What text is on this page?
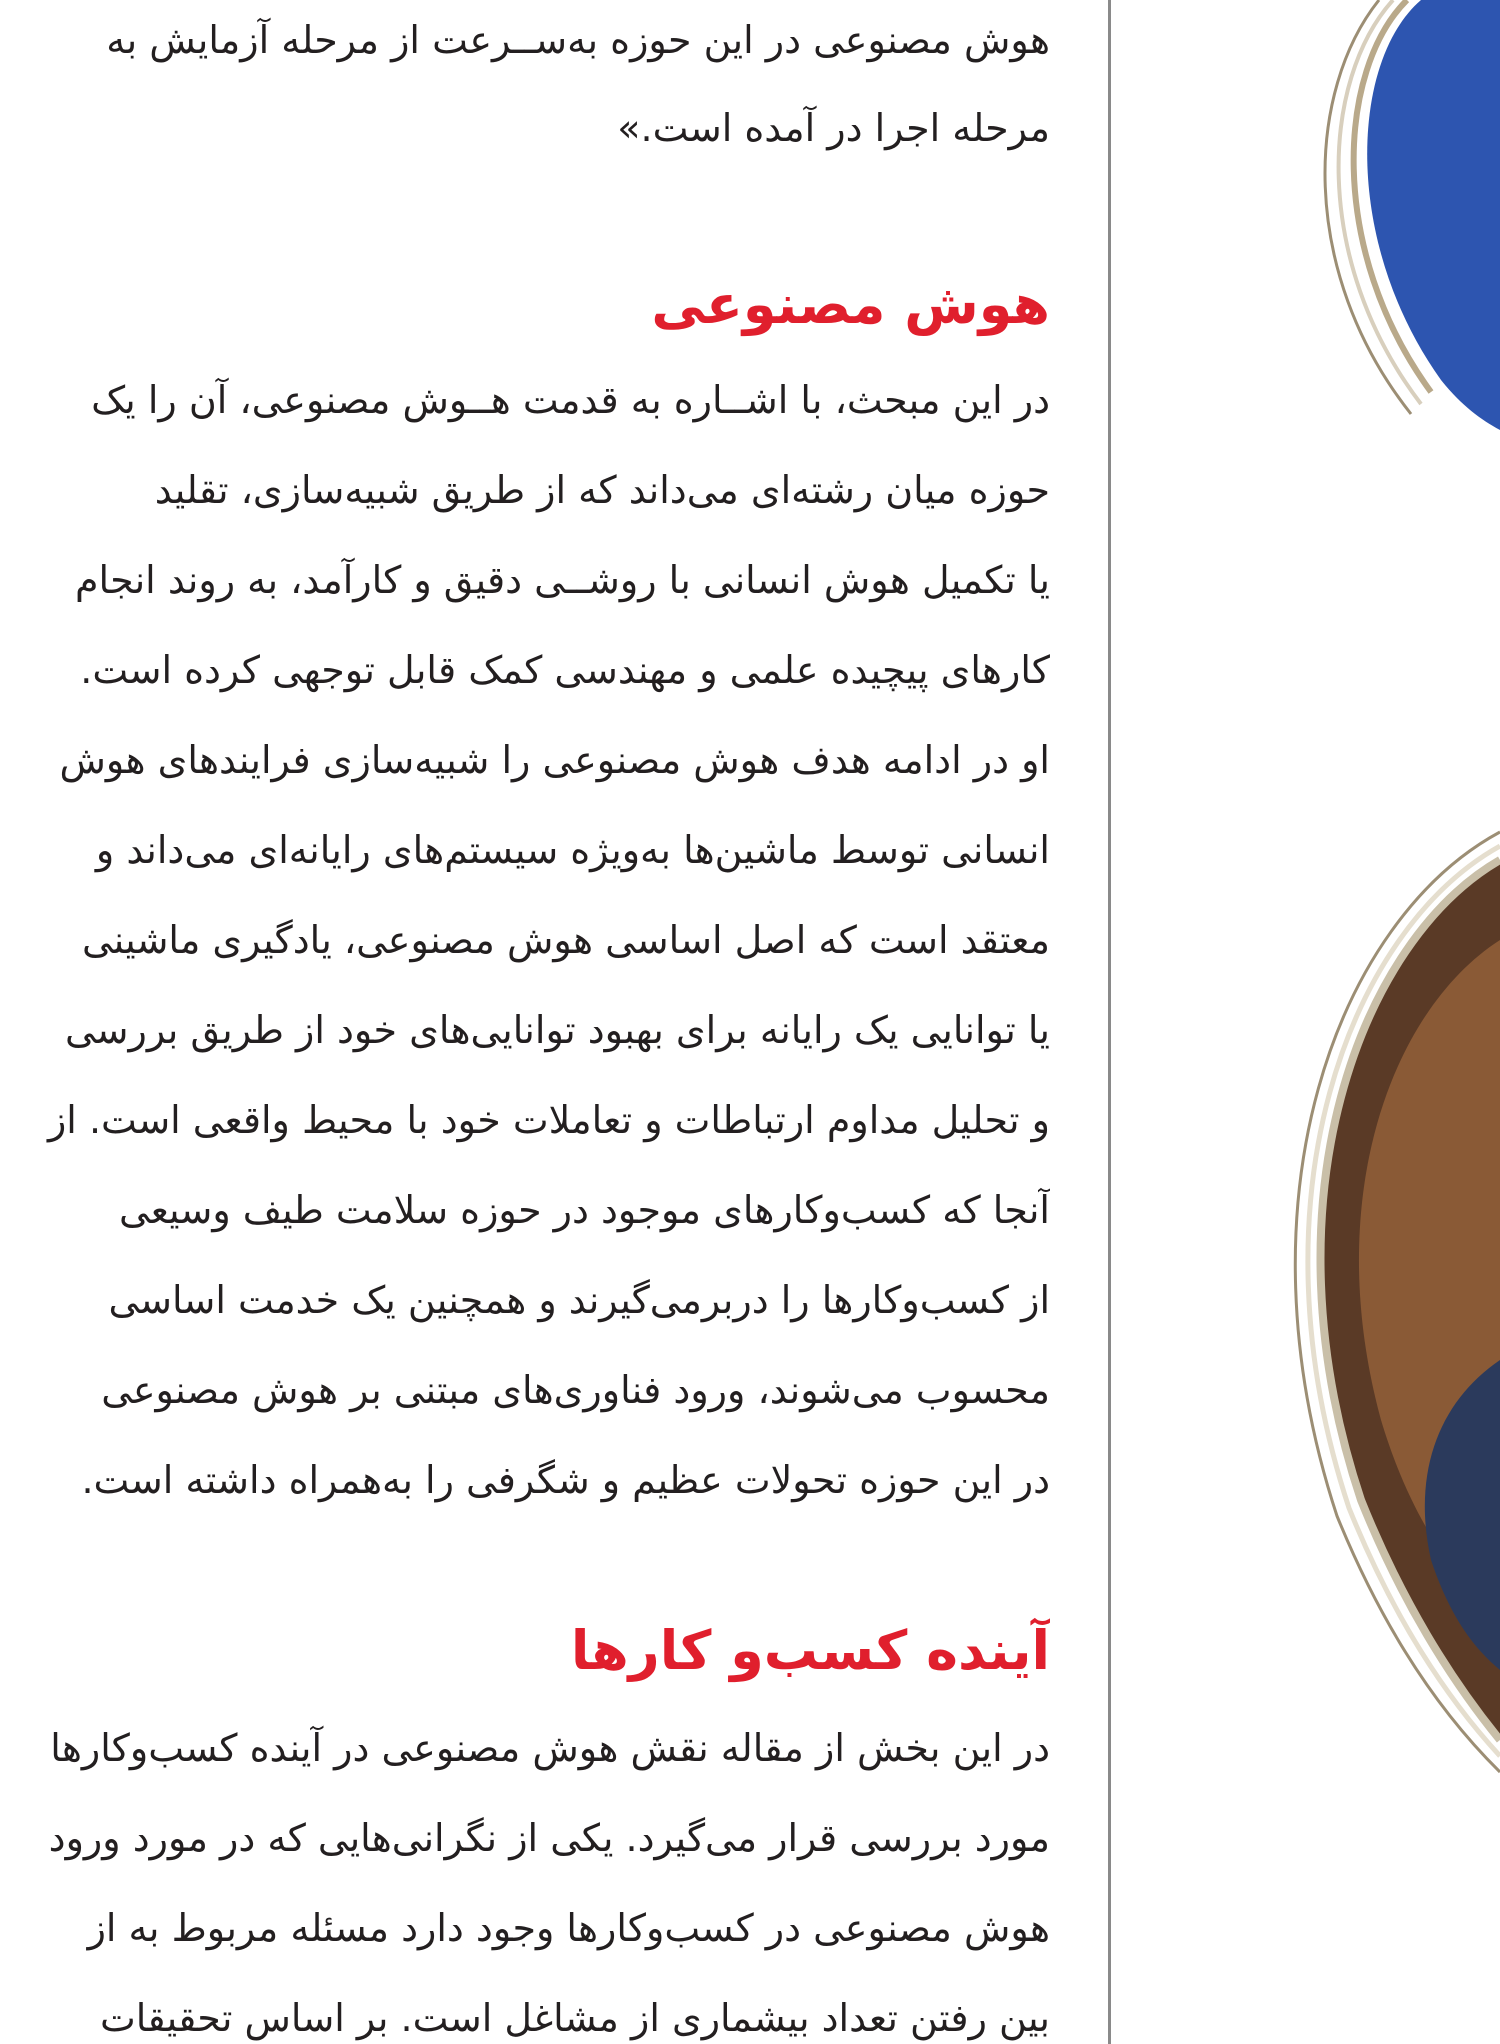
هوش مصنوعی در این حوزه به‌ســرعت از مرحله آزمایش به
مرحله اجرا در آمده است.»
هوش مصنوعی
در این مبحث، با اشــاره به قدمت هــوش مصنوعی، آن را یک
حوزه میان رشته‌ای می‌داند که از طریق شبیه‌سازی، تقلید
یا تکمیل هوش انسانی با روشــی دقیق و کارآمد، به روند انجام
کارهای پیچیده علمی و مهندسی کمک قابل توجهی کرده است.
او در ادامه هدف هوش مصنوعی را شبیه‌سازی فرایندهای هوش
انسانی توسط ماشین‌ها به‌ویژه سیستم‌های رایانه‌ای می‌داند و
معتقد است که اصل اساسی هوش مصنوعی، یادگیری ماشینی
یا توانایی یک رایانه برای بهبود توانایی‌های خود از طریق بررسی
و تحلیل مداوم ارتباطات و تعاملات خود با محیط واقعی است. از
آنجا که کسب‌وکارهای موجود در حوزه سلامت طیف وسیعی
از کسب‌وکارها را دربرمی‌گیرند و همچنین یک خدمت اساسی
محسوب می‌شوند، ورود فناوری‌های مبتنی بر هوش مصنوعی
در این حوزه تحولات عظیم و شگرفی را به‌همراه داشته است.
آینده کسب‌و کارها
در این بخش از مقاله نقش هوش مصنوعی در آینده کسب‌وکارها
مورد بررسی قرار می‌گیرد. یکی از نگرانی‌هایی که در مورد ورود
هوش مصنوعی در کسب‌وکارها وجود دارد مسئله مربوط به از
بین رفتن تعداد بیشماری از مشاغل است. بر اساس تحقیقات
